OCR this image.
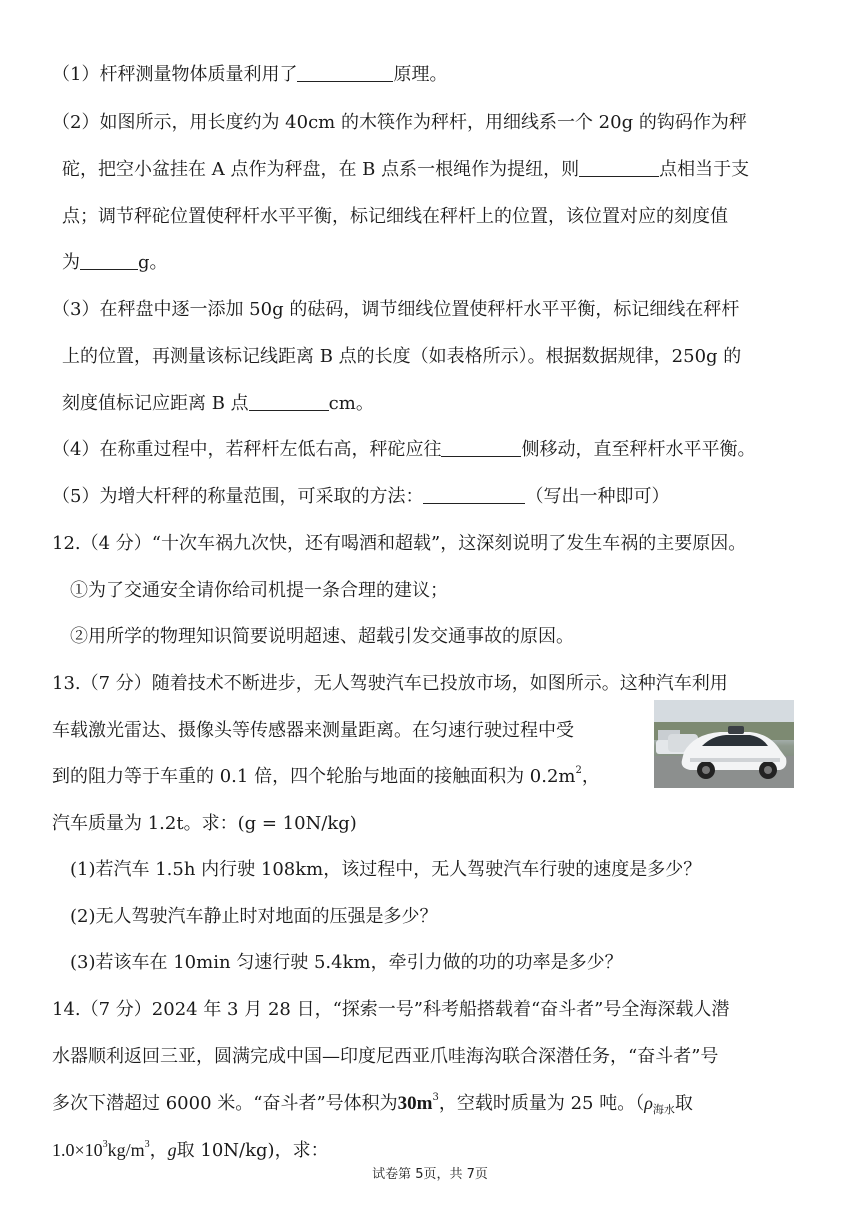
（1）杆秤测量物体质量利用了	原理。
（2）如图所示，用长度约为 40cm 的木筷作为秤杆，用细线系一个 20g 的钩码作为秤
砣，把空小盆挂在 A 点作为秤盘，在 B 点系一根绳作为提纽，则	点相当于支
点；调节秤砣位置使秤杆水平平衡，标记细线在秤杆上的位置，该位置对应的刻度值
为	g。
（3）在秤盘中逐一添加 50g 的砝码，调节细线位置使秤杆水平平衡，标记细线在秤杆
上的位置，再测量该标记线距离 B 点的长度（如表格所示）。根据数据规律，250g 的
刻度值标记应距离 B 点	cm。
（4）在称重过程中，若秤杆左低右高，秤砣应往	侧移动，直至秤杆水平平衡。
（5）为增大杆秤的称量范围，可采取的方法：	（写出一种即可）
12.（4 分）“十次车祸九次快，还有喝酒和超载”，这深刻说明了发生车祸的主要原因。
①为了交通安全请你给司机提一条合理的建议；
②用所学的物理知识简要说明超速、超载引发交通事故的原因。
13.（7 分）随着技术不断进步，无人驾驶汽车已投放市场，如图所示。这种汽车利用
车载激光雷达、摄像头等传感器来测量距离。在匀速行驶过程中受
到的阻力等于车重的 0.1 倍，四个轮胎与地面的接触面积为 $0.2m^2$，
汽车质量为 1.2t。求：(g = 10N/kg)
(1)若汽车 1.5h 内行驶 108km，该过程中，无人驾驶汽车行驶的速度是多少？
(2)无人驾驶汽车静止时对地面的压强是多少？
(3)若该车在 10min 匀速行驶 5.4km，牵引力做的功的功率是多少？
14.（7 分）2024 年 3 月 28 日，“探索一号”科考船搭载着“奋斗者”号全海深载人潜
水器顺利返回三亚，圆满完成中国—印度尼西亚爪哇海沟联合深潜任务，“奋斗者”号
多次下潜超过 6000 米。“奋斗者”号体积为$30m^3$，空载时质量为 25 吨。（$\rho_{海水}$取
$1.0\times 10^3kg/m^3$，g取 10N/kg)，求：
试卷第 5页，共 7页
